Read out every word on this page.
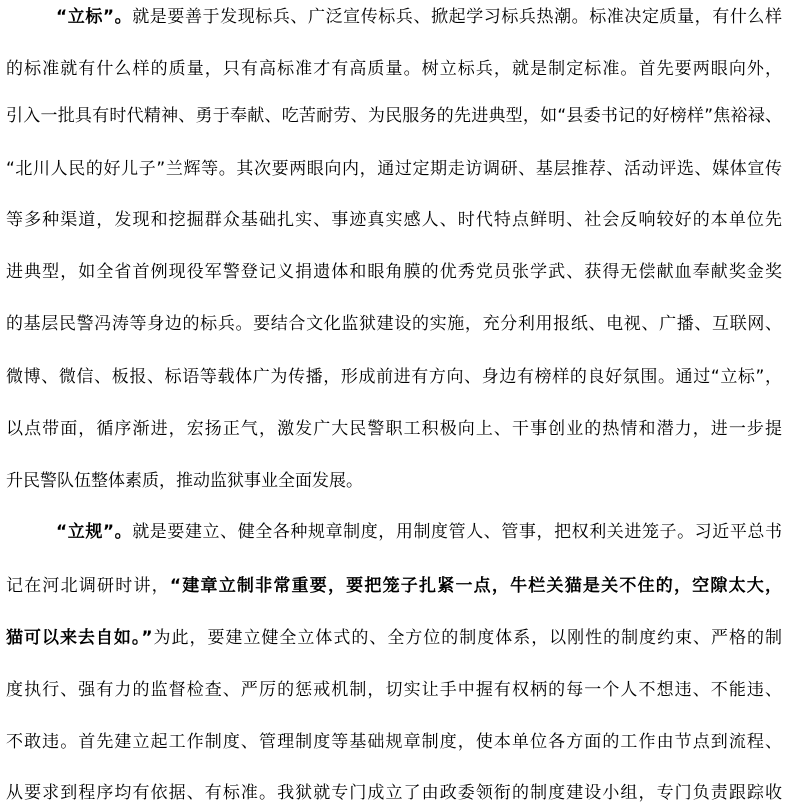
“立标”。就是要善于发现标兵、广泛宣传标兵、掀起学习标兵热潮。标准决定质量，有什么样
的标准就有什么样的质量，只有高标准才有高质量。树立标兵，就是制定标准。首先要两眼向外，
引入一批具有时代精神、勇于奉献、吃苦耐劳、为民服务的先进典型，如“县委书记的好榜样”焦裕禄、
“北川人民的好儿子”兰辉等。其次要两眼向内，通过定期走访调研、基层推荐、活动评选、媒体宣传
等多种渠道，发现和挖掘群众基础扎实、事迹真实感人、时代特点鲜明、社会反响较好的本单位先
进典型，如全省首例现役军警登记义捐遗体和眼角膜的优秀党员张学武、获得无偿献血奉献奖金奖
的基层民警冯涛等身边的标兵。要结合文化监狱建设的实施，充分利用报纸、电视、广播、互联网、
微博、微信、板报、标语等载体广为传播，形成前进有方向、身边有榜样的良好氛围。通过“立标”，
以点带面，循序渐进，宏扬正气，激发广大民警职工积极向上、干事创业的热情和潜力，进一步提
升民警队伍整体素质，推动监狱事业全面发展。
“立规”。就是要建立、健全各种规章制度，用制度管人、管事，把权利关进笼子。习近平总书
记在河北调研时讲，“建章立制非常重要，要把笼子扎紧一点，牛栏关猫是关不住的，空隙太大，
猫可以来去自如。”为此，要建立健全立体式的、全方位的制度体系，以刚性的制度约束、严格的制
度执行、强有力的监督检查、严厉的惩戒机制，切实让手中握有权柄的每一个人不想违、不能违、
不敢违。首先建立起工作制度、管理制度等基础规章制度，使本单位各方面的工作由节点到流程、
从要求到程序均有依据、有标准。我狱就专门成立了由政委领衔的制度建设小组，专门负责跟踪收
